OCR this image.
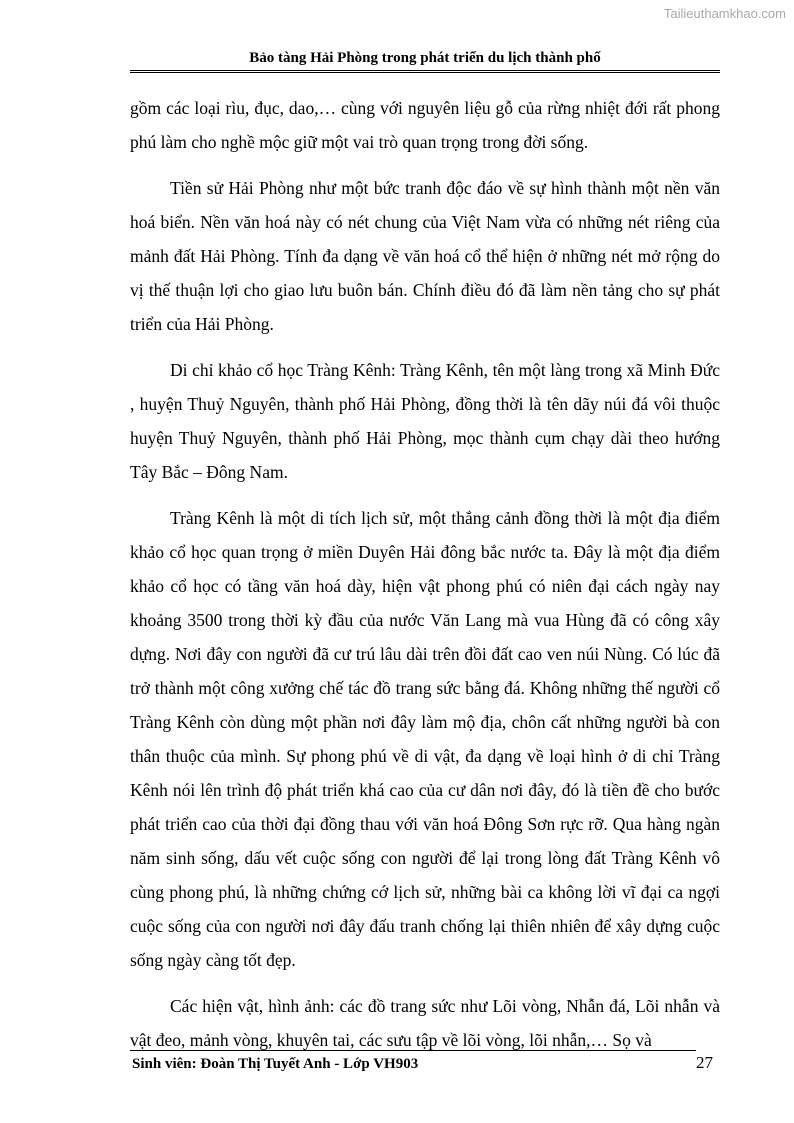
Tailieuthamkhao.com
Bảo tàng Hải Phòng trong phát triển du lịch thành phố

gồm các loại rìu, đục, dao,… cùng với nguyên liệu gỗ của rừng nhiệt đới rất phong phú làm cho nghề mộc giữ một vai trò quan trọng trong đời sống.

Tiền sử Hải Phòng như một bức tranh độc đáo về sự hình thành một nền văn hoá biển. Nền văn hoá này có nét chung của Việt Nam vừa có những nét riêng của mảnh đất Hải Phòng. Tính đa dạng về văn hoá cổ thể hiện ở những nét mở rộng do vị thế thuận lợi cho giao lưu buôn bán. Chính điều đó đã làm nền tảng cho sự phát triển của Hải Phòng.

Di chỉ khảo cổ học Tràng Kênh: Tràng Kênh, tên một làng trong xã Minh Đức , huyện Thuỷ Nguyên, thành phố Hải Phòng, đồng thời là tên dãy núi đá vôi thuộc huyện Thuỷ Nguyên, thành phố Hải Phòng, mọc thành cụm chạy dài theo hướng Tây Bắc – Đông Nam.

Tràng Kênh là một di tích lịch sử, một thắng cảnh đồng thời là một địa điểm khảo cổ học quan trọng ở miền Duyên Hải đông bắc nước ta. Đây là một địa điểm khảo cổ học có tầng văn hoá dày, hiện vật phong phú có niên đại cách ngày nay khoảng 3500 trong thời kỳ đầu của nước Văn Lang mà vua Hùng đã có công xây dựng. Nơi đây con người đã cư trú lâu dài trên đồi đất cao ven núi Nùng. Có lúc đã trở thành một công xưởng chế tác đồ trang sức bằng đá. Không những thế người cổ Tràng Kênh còn dùng một phần nơi đây làm mộ địa, chôn cất những người bà con thân thuộc của mình. Sự phong phú về di vật, đa dạng về loại hình ở di chỉ Tràng Kênh nói lên trình độ phát triển khá cao của cư dân nơi đây, đó là tiền đề cho bước phát triển cao của thời đại đồng thau với văn hoá Đông Sơn rực rỡ. Qua hàng ngàn năm sinh sống, dấu vết cuộc sống con người để lại trong lòng đất Tràng Kênh vô cùng phong phú, là những chứng cớ lịch sử, những bài ca không lời vĩ đại ca ngợi cuộc sống của con người nơi đây đấu tranh chống lại thiên nhiên để xây dựng cuộc sống ngày càng tốt đẹp.

Các hiện vật, hình ảnh: các đồ trang sức như Lõi vòng, Nhẫn đá, Lõi nhẫn và vật đeo, mảnh vòng, khuyên tai, các sưu tập về lõi vòng, lõi nhẫn,… Sọ và

Sinh viên: Đoàn Thị Tuyết Anh - Lớp VH903	27
